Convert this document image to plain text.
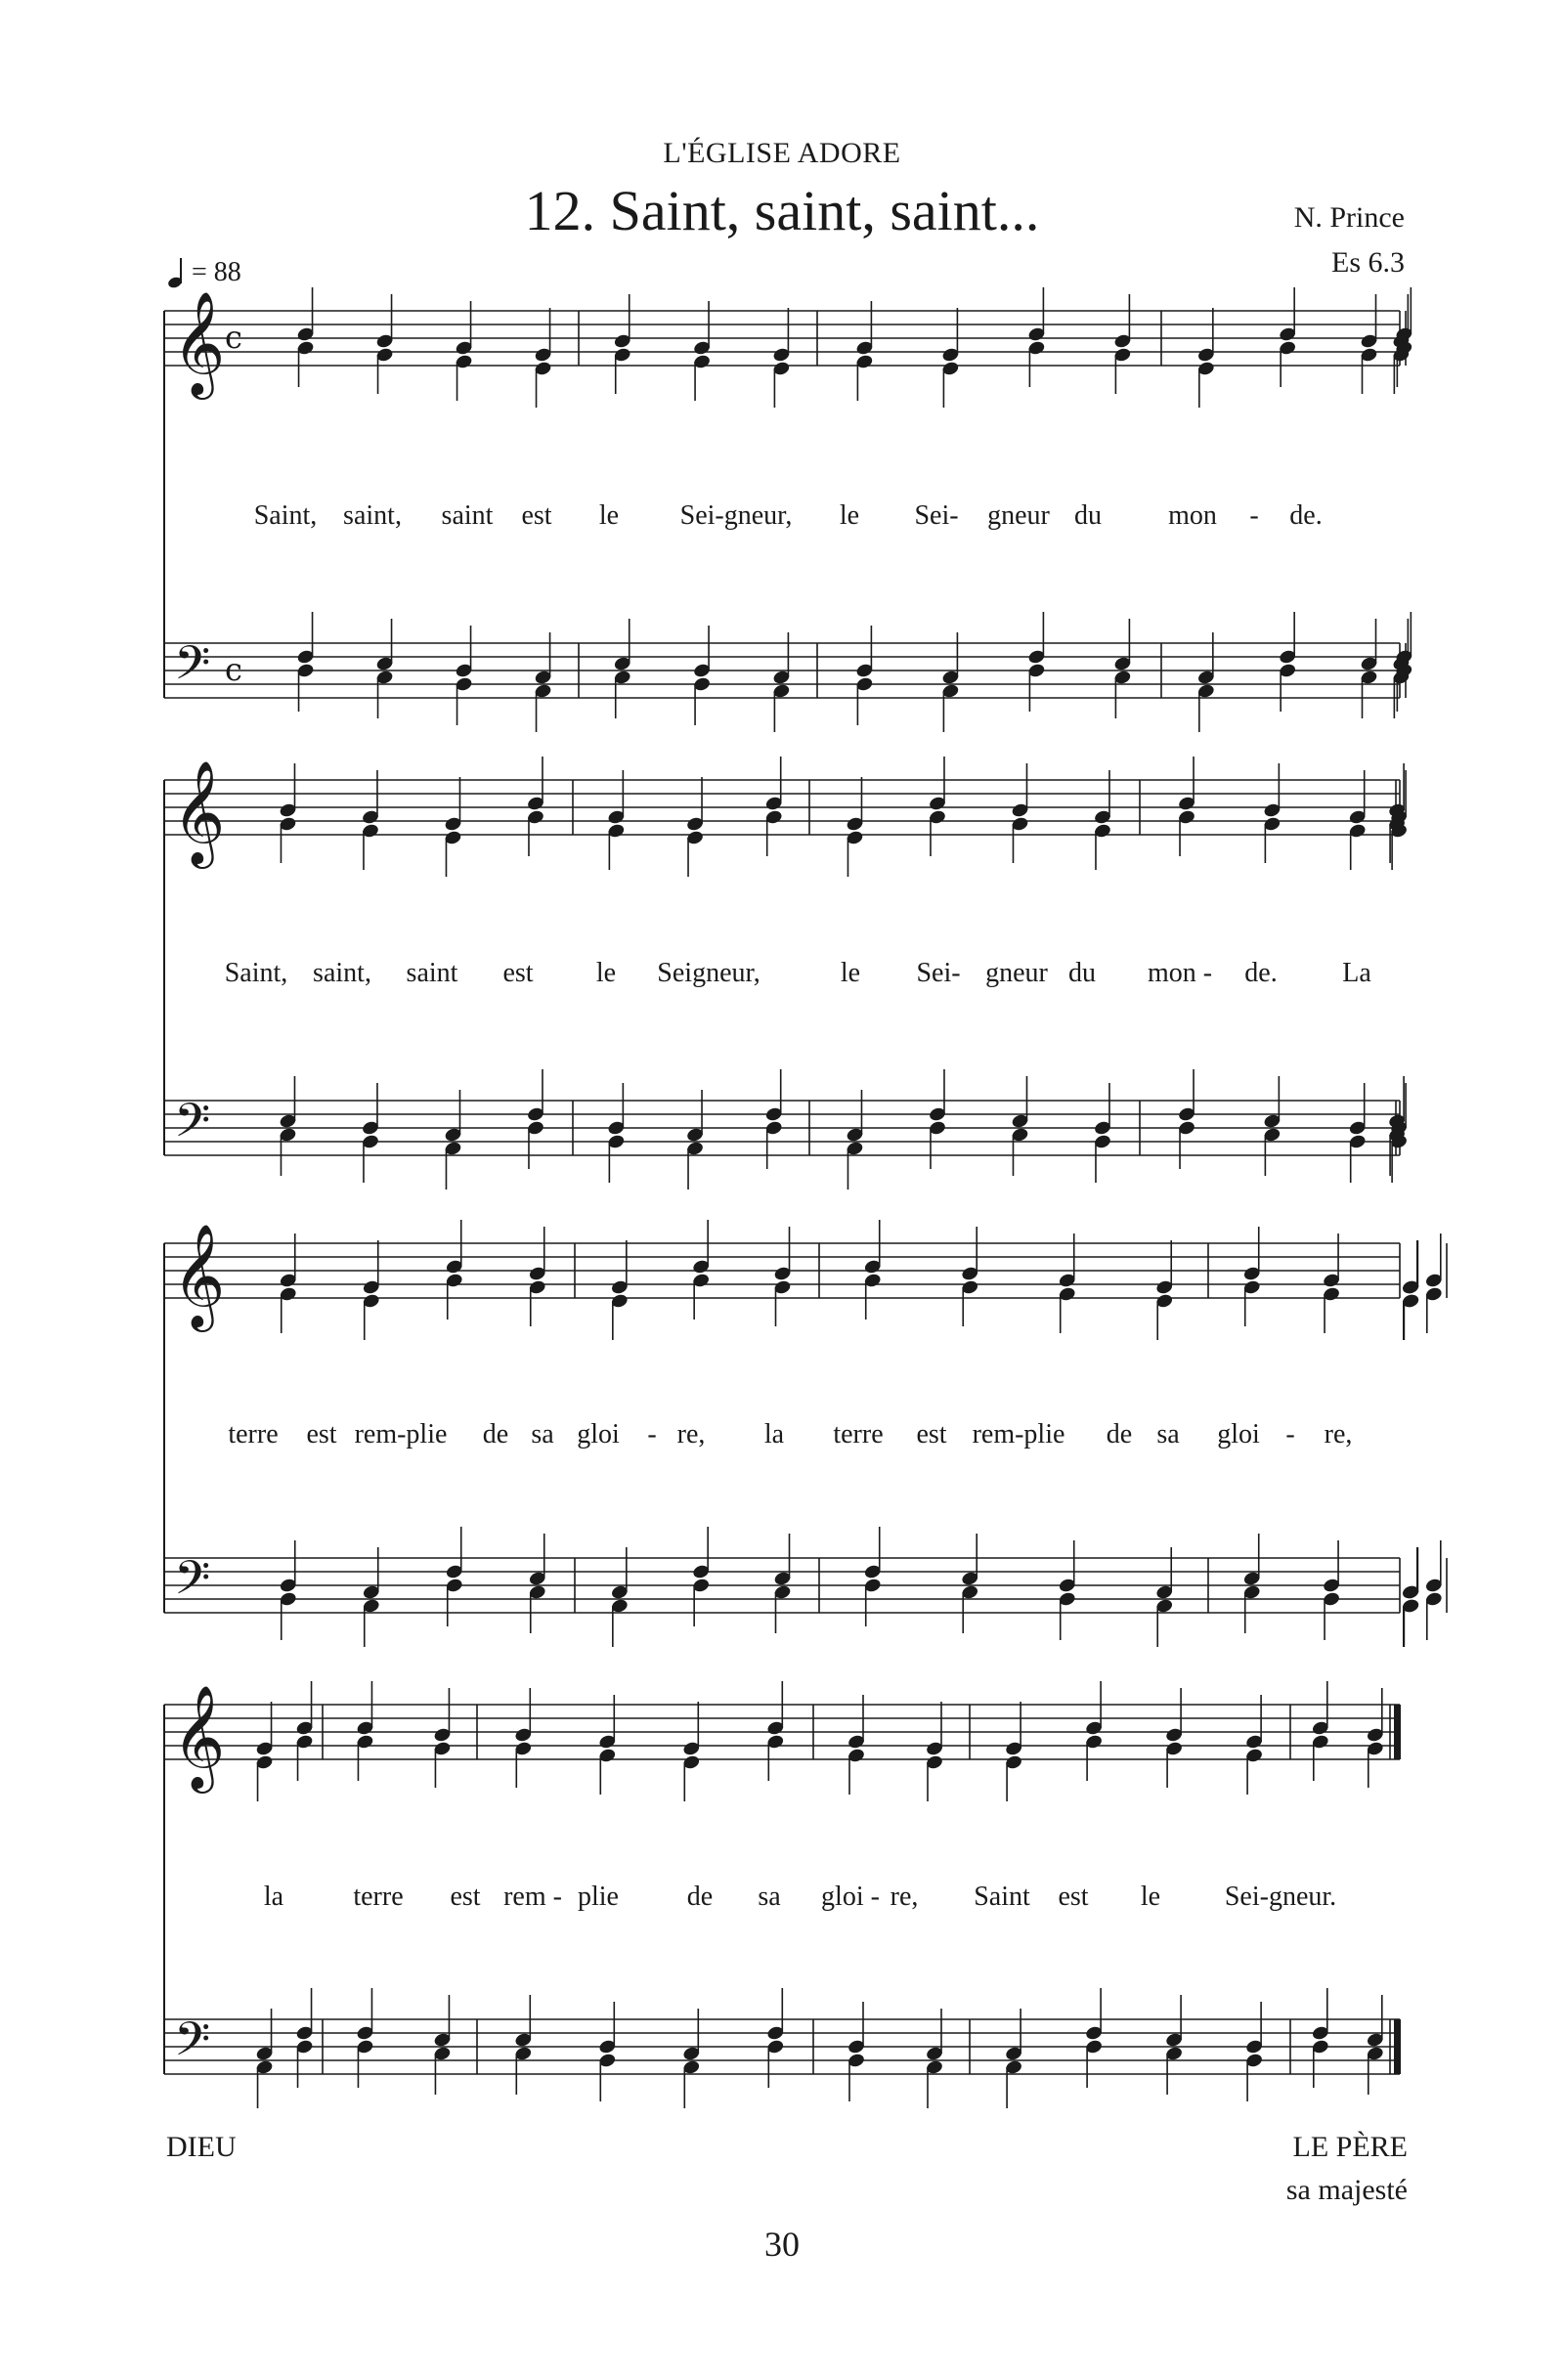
L'ÉGLISE ADORE
12. Saint, saint, saint...	N. Prince
Es 6.3
= 88
𝄞
𝄢
c
c
𝄞
𝄢
𝄞
𝄢
𝄞
𝄢
Saint, saint, saint est le Sei-gneur, le Sei- gneur du mon - de.
Saint, saint, saint est le Seigneur,	le Sei- gneur du mon - de. La
terre est rem-plie de sa gloi - re, la terre est rem-plie de sa gloi - re,
la	terre est rem - plie de sa gloi - re, Saint est le Sei-gneur.
DIEU	LE PÈRE
sa majesté
30
